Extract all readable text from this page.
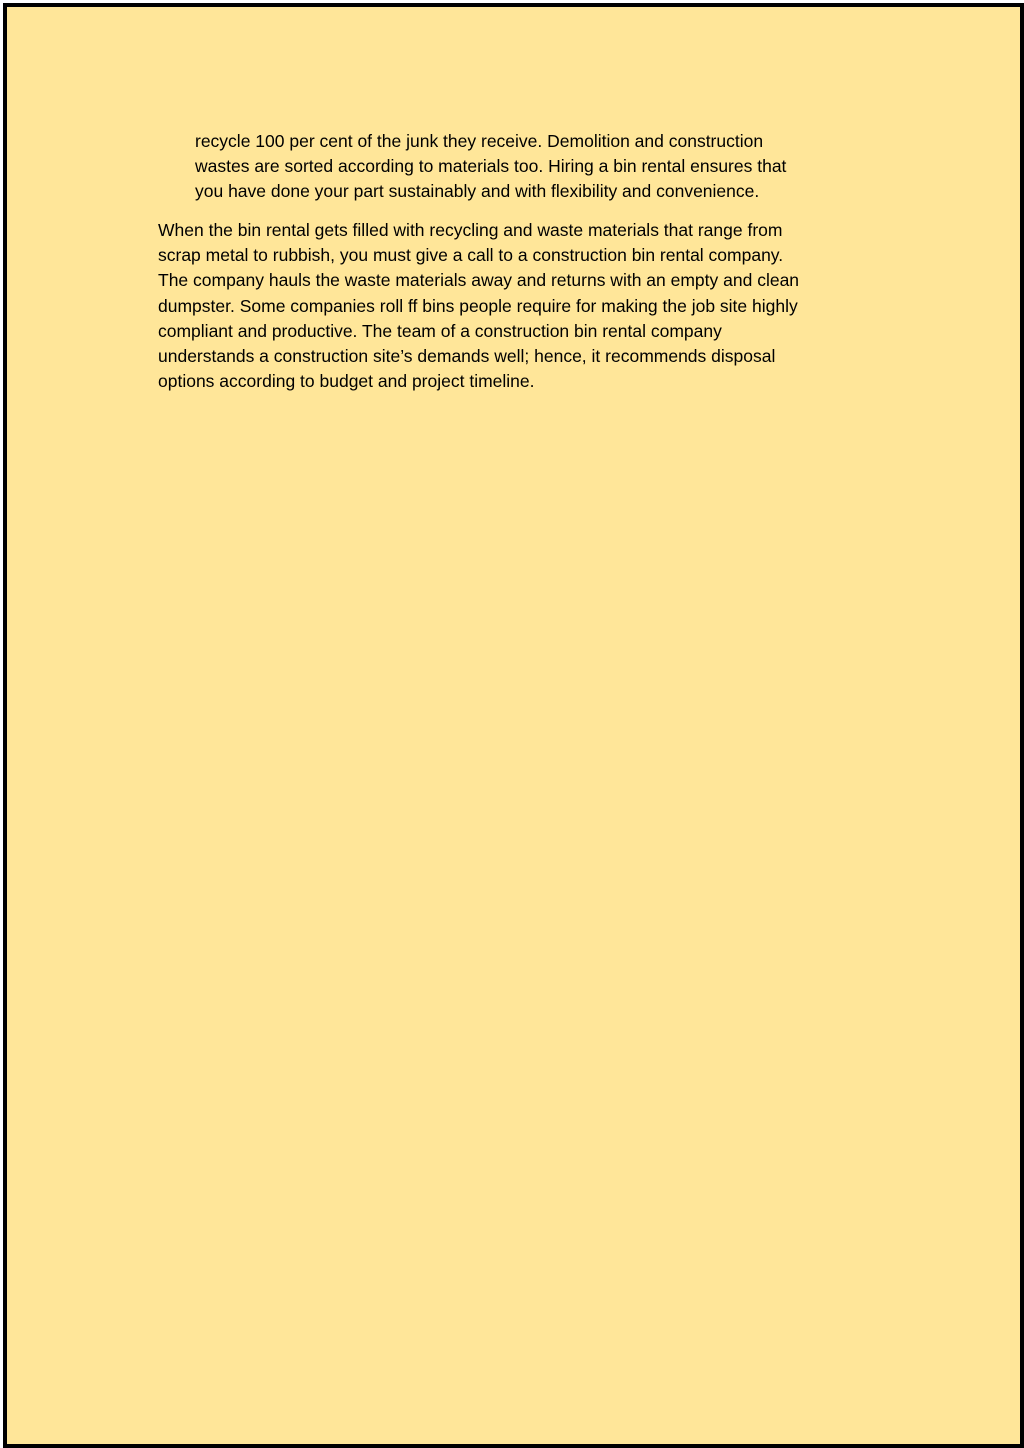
recycle 100 per cent of the junk they receive. Demolition and construction
wastes are sorted according to materials too. Hiring a bin rental ensures that
you have done your part sustainably and with flexibility and convenience.

When the bin rental gets filled with recycling and waste materials that range from
scrap metal to rubbish, you must give a call to a construction bin rental company.
The company hauls the waste materials away and returns with an empty and clean
dumpster. Some companies roll ff bins people require for making the job site highly
compliant and productive. The team of a construction bin rental company
understands a construction site’s demands well; hence, it recommends disposal
options according to budget and project timeline.
